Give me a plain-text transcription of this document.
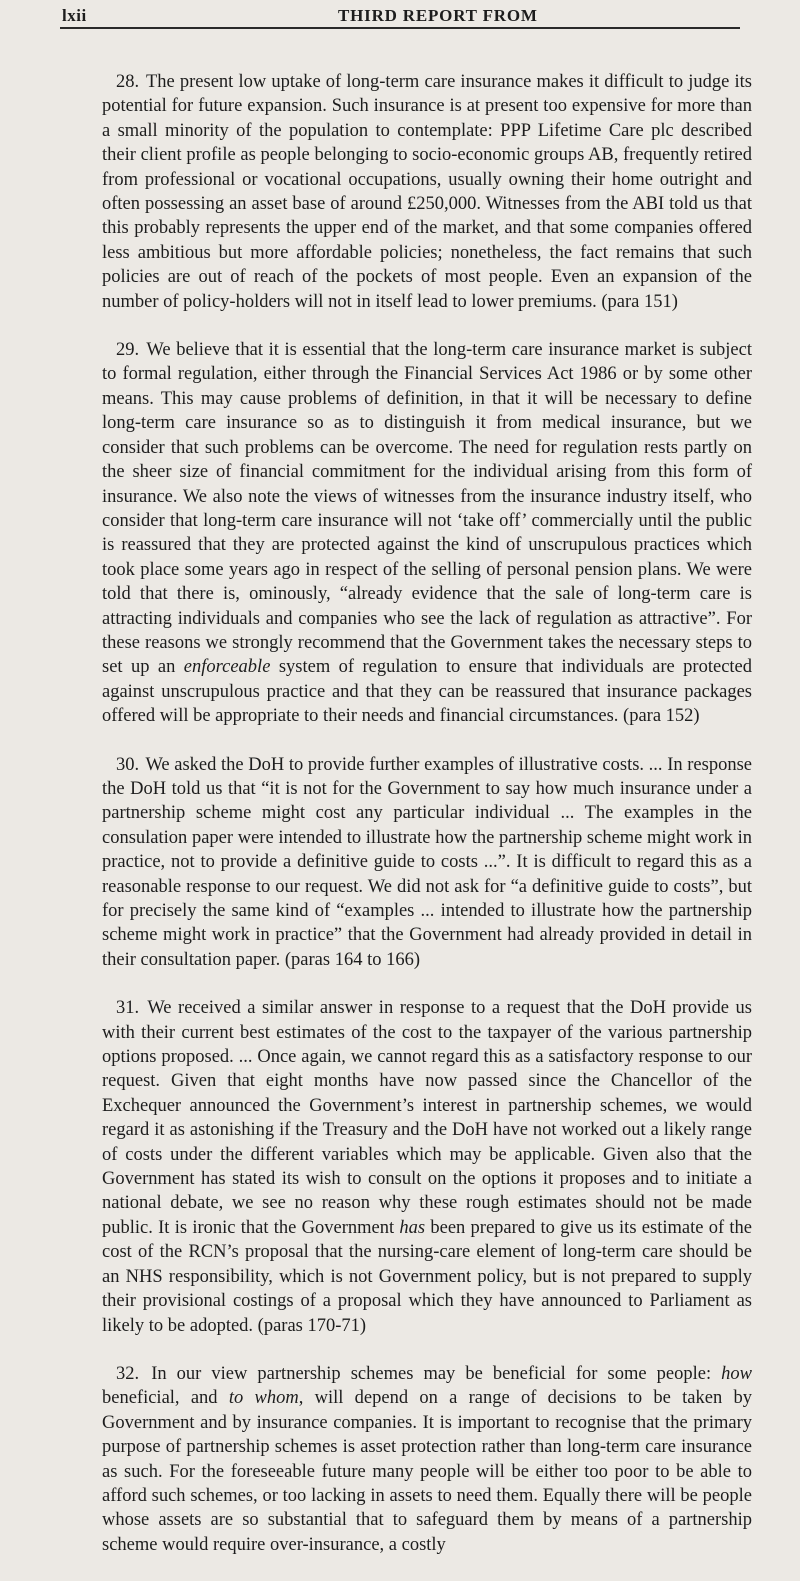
lxii	THIRD REPORT FROM

28. The present low uptake of long-term care insurance makes it difficult to judge its potential for future expansion. Such insurance is at present too expensive for more than a small minority of the population to contemplate: PPP Lifetime Care plc described their client profile as people belonging to socio-economic groups AB, frequently retired from professional or vocational occupations, usually owning their home outright and often possessing an asset base of around £250,000. Witnesses from the ABI told us that this probably represents the upper end of the market, and that some companies offered less ambitious but more affordable policies; nonetheless, the fact remains that such policies are out of reach of the pockets of most people. Even an expansion of the number of policy-holders will not in itself lead to lower premiums. (para 151)

29. We believe that it is essential that the long-term care insurance market is subject to formal regulation, either through the Financial Services Act 1986 or by some other means. This may cause problems of definition, in that it will be necessary to define long-term care insurance so as to distinguish it from medical insurance, but we consider that such problems can be overcome. The need for regulation rests partly on the sheer size of financial commitment for the individual arising from this form of insurance. We also note the views of witnesses from the insurance industry itself, who consider that long-term care insurance will not ‘take off’ commercially until the public is reassured that they are protected against the kind of unscrupulous practices which took place some years ago in respect of the selling of personal pension plans. We were told that there is, ominously, “already evidence that the sale of long-term care is attracting individuals and companies who see the lack of regulation as attractive”. For these reasons we strongly recommend that the Government takes the necessary steps to set up an enforceable system of regulation to ensure that individuals are protected against unscrupulous practice and that they can be reassured that insurance packages offered will be appropriate to their needs and financial circumstances. (para 152)

30. We asked the DoH to provide further examples of illustrative costs. ... In response the DoH told us that “it is not for the Government to say how much insurance under a partnership scheme might cost any particular individual ... The examples in the consulation paper were intended to illustrate how the partnership scheme might work in practice, not to provide a definitive guide to costs ...”. It is difficult to regard this as a reasonable response to our request. We did not ask for “a definitive guide to costs”, but for precisely the same kind of “examples ... intended to illustrate how the partnership scheme might work in practice” that the Government had already provided in detail in their consultation paper. (paras 164 to 166)

31. We received a similar answer in response to a request that the DoH provide us with their current best estimates of the cost to the taxpayer of the various partnership options proposed. ... Once again, we cannot regard this as a satisfactory response to our request. Given that eight months have now passed since the Chancellor of the Exchequer announced the Government’s interest in partnership schemes, we would regard it as astonishing if the Treasury and the DoH have not worked out a likely range of costs under the different variables which may be applicable. Given also that the Government has stated its wish to consult on the options it proposes and to initiate a national debate, we see no reason why these rough estimates should not be made public. It is ironic that the Government has been prepared to give us its estimate of the cost of the RCN’s proposal that the nursing-care element of long-term care should be an NHS responsibility, which is not Government policy, but is not prepared to supply their provisional costings of a proposal which they have announced to Parliament as likely to be adopted. (paras 170-71)

32. In our view partnership schemes may be beneficial for some people: how beneficial, and to whom, will depend on a range of decisions to be taken by Government and by insurance companies. It is important to recognise that the primary purpose of partnership schemes is asset protection rather than long-term care insurance as such. For the foreseeable future many people will be either too poor to be able to afford such schemes, or too lacking in assets to need them. Equally there will be people whose assets are so substantial that to safeguard them by means of a partnership scheme would require over-insurance, a costly
